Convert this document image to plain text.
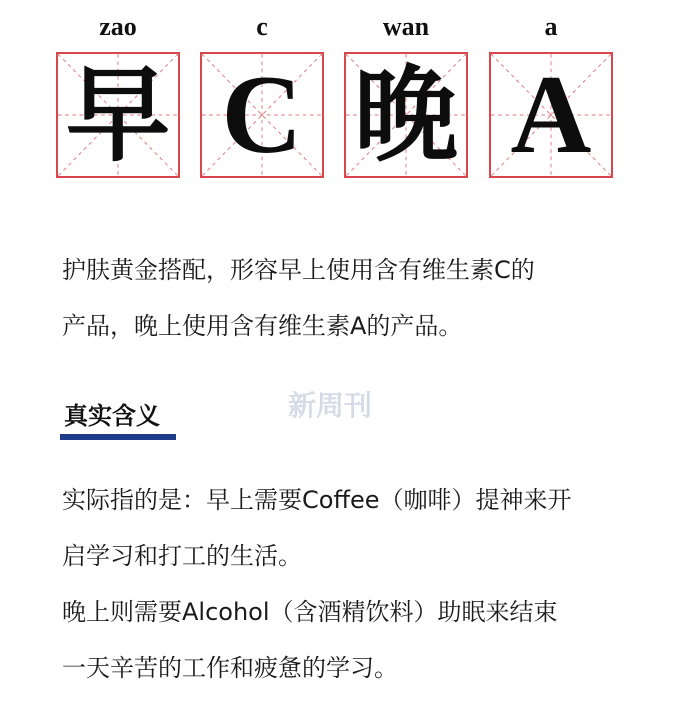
zao	c	wan	a
早 C 晚 A
护肤黄金搭配，形容早上使用含有维生素C的
产品，晚上使用含有维生素A的产品。
新周刊
真实含义
实际指的是：早上需要Coffee（咖啡）提神来开
启学习和打工的生活。
晚上则需要Alcohol（含酒精饮料）助眠来结束
一天辛苦的工作和疲惫的学习。
